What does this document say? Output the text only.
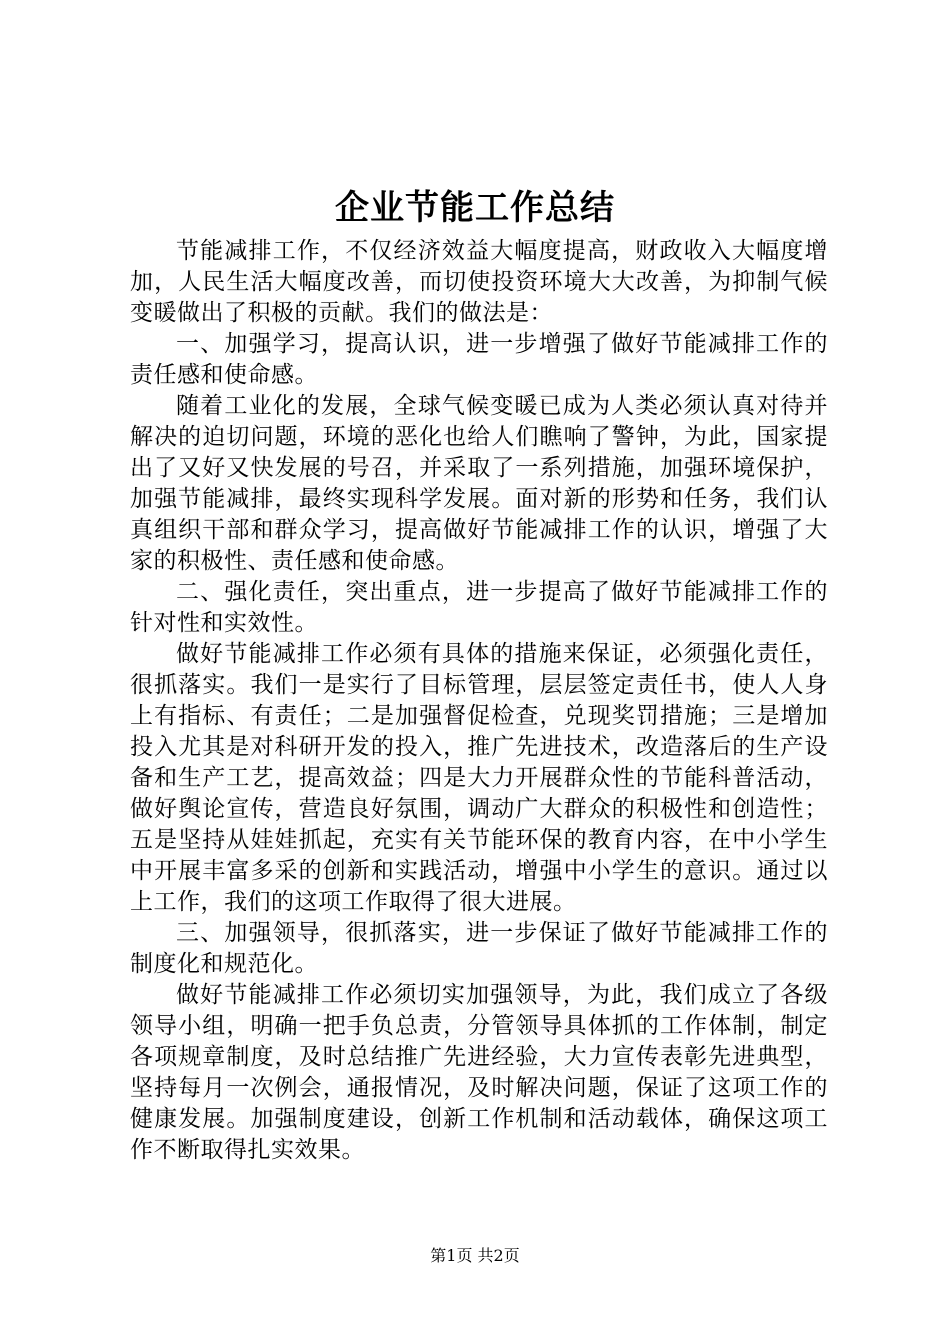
企业节能工作总结

节能减排工作，不仅经济效益大幅度提高，财政收入大幅度增加，人民生活大幅度改善，而切使投资环境大大改善，为抑制气候变暖做出了积极的贡献。我们的做法是：

一、加强学习，提高认识，进一步增强了做好节能减排工作的责任感和使命感。

随着工业化的发展，全球气候变暖已成为人类必须认真对待并解决的迫切问题，环境的恶化也给人们瞧响了警钟，为此，国家提出了又好又快发展的号召，并采取了一系列措施，加强环境保护，加强节能减排，最终实现科学发展。面对新的形势和任务，我们认真组织干部和群众学习，提高做好节能减排工作的认识，增强了大家的积极性、责任感和使命感。

二、强化责任，突出重点，进一步提高了做好节能减排工作的针对性和实效性。

做好节能减排工作必须有具体的措施来保证，必须强化责任，很抓落实。我们一是实行了目标管理，层层签定责任书，使人人身上有指标、有责任；二是加强督促检查，兑现奖罚措施；三是增加投入尤其是对科研开发的投入，推广先进技术，改造落后的生产设备和生产工艺，提高效益；四是大力开展群众性的节能科普活动，做好舆论宣传，营造良好氛围，调动广大群众的积极性和创造性；五是坚持从娃娃抓起，充实有关节能环保的教育内容，在中小学生中开展丰富多采的创新和实践活动，增强中小学生的意识。通过以上工作，我们的这项工作取得了很大进展。

三、加强领导，很抓落实，进一步保证了做好节能减排工作的制度化和规范化。

做好节能减排工作必须切实加强领导，为此，我们成立了各级领导小组，明确一把手负总责，分管领导具体抓的工作体制，制定各项规章制度，及时总结推广先进经验，大力宣传表彰先进典型，坚持每月一次例会，通报情况，及时解决问题，保证了这项工作的健康发展。加强制度建设，创新工作机制和活动载体，确保这项工作不断取得扎实效果。

第1页 共2页
